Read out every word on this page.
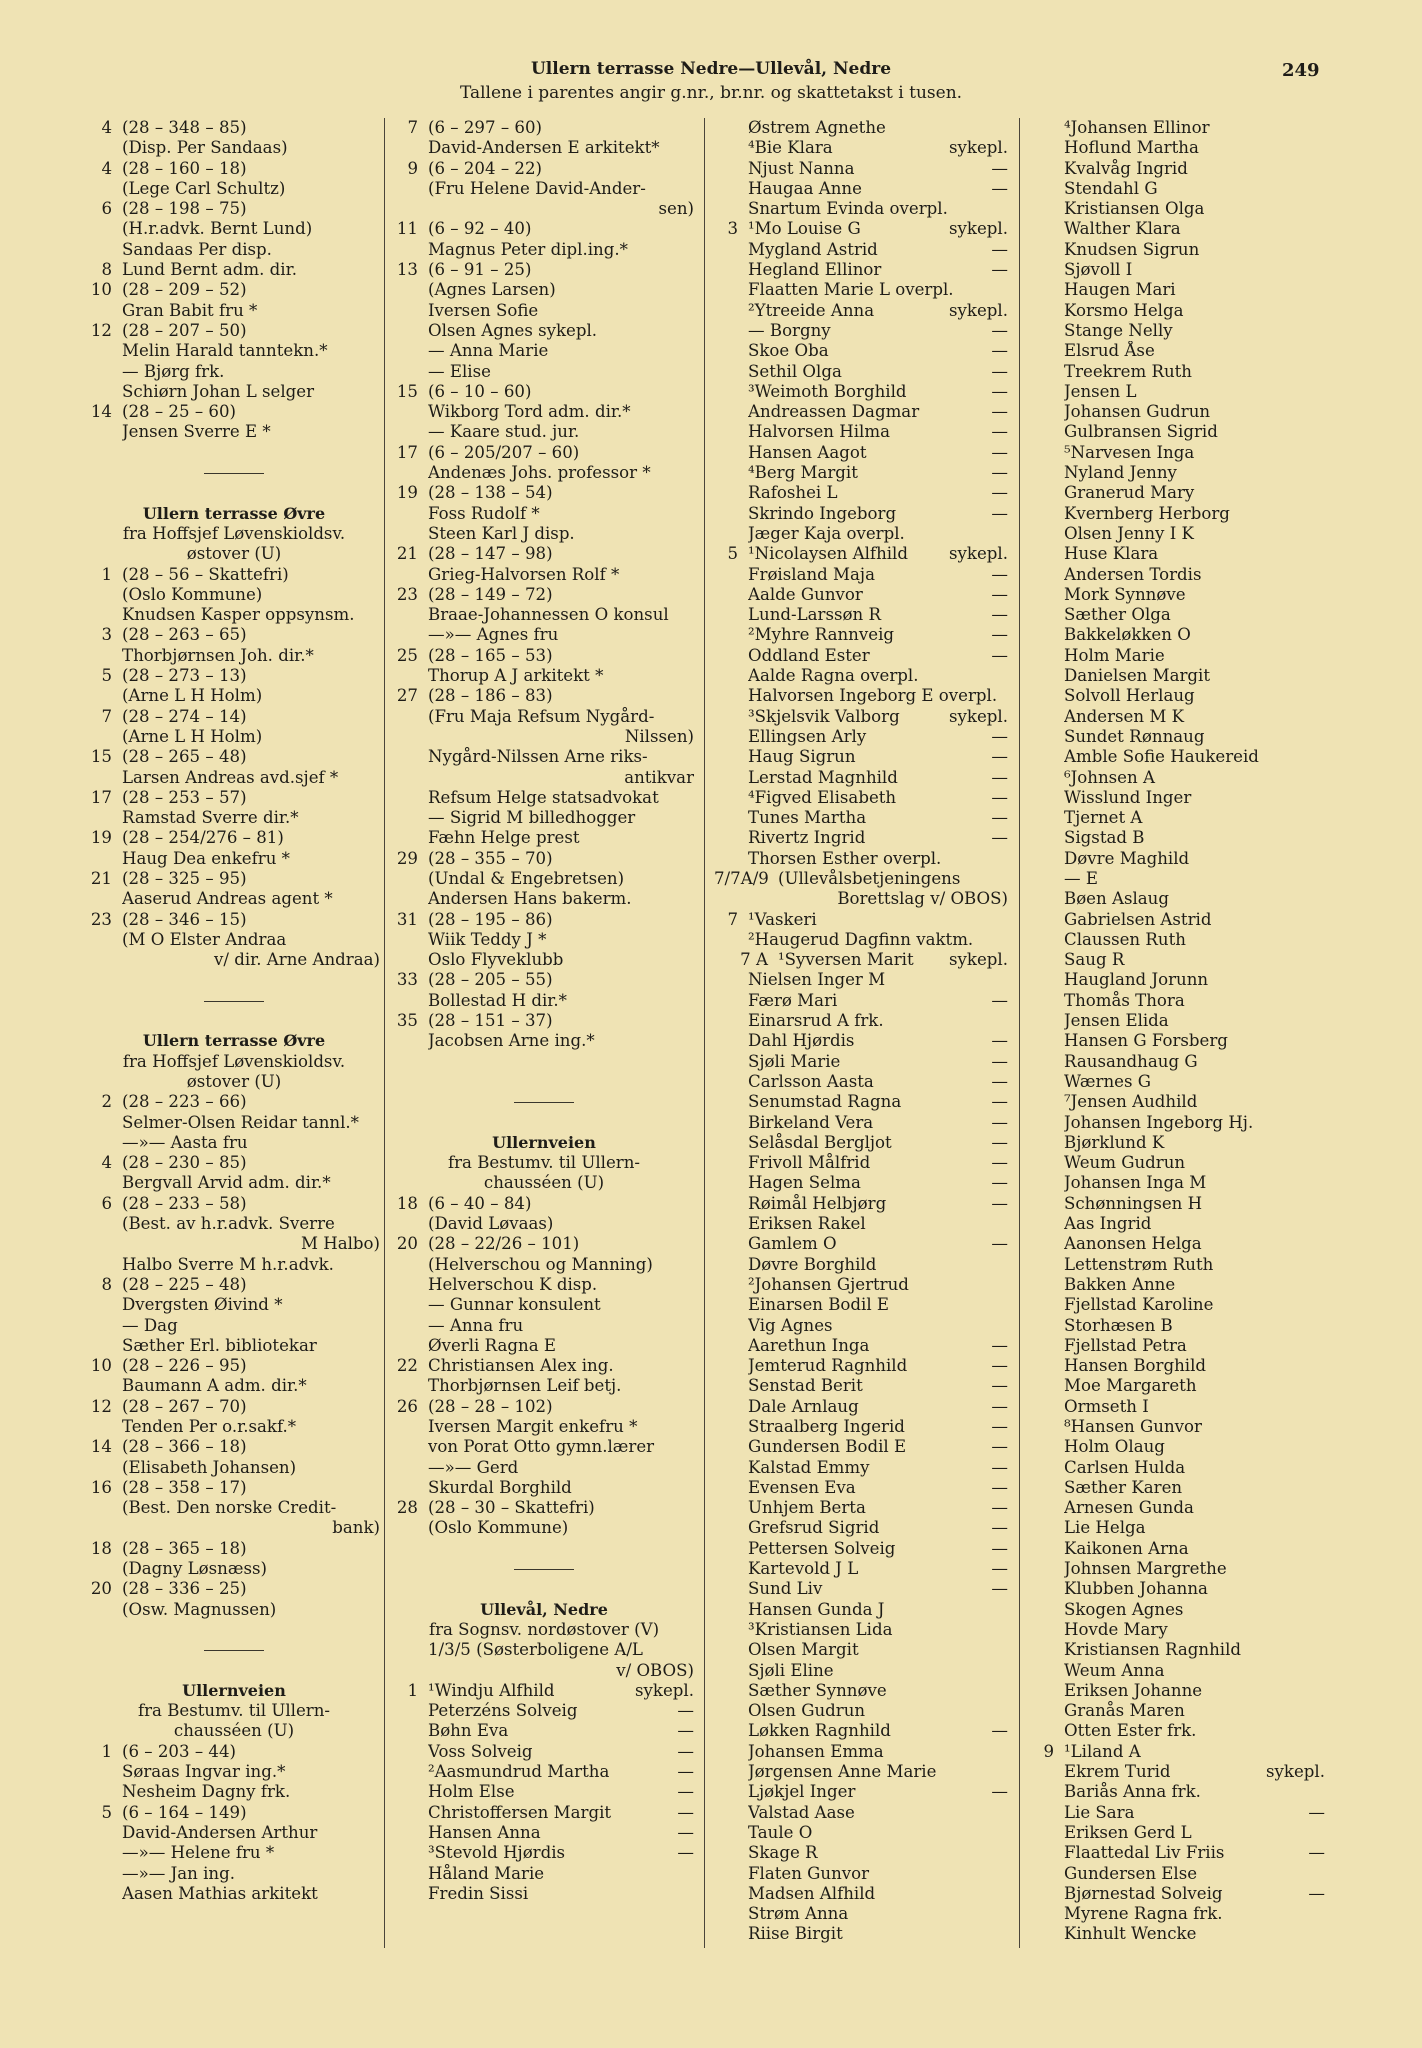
Ullern terrasse Nedre—Ullevål, Nedre
Tallene i parentes angir g.nr., br.nr. og skattetakst i tusen.
249
4 (28 – 348 – 85)
(Disp. Per Sandaas)
4 (28 – 160 – 18)
(Lege Carl Schultz)
6 (28 – 198 – 75)
(H.r.advk. Bernt Lund)
Sandaas Per disp.
8 Lund Bernt adm. dir.
10 (28 – 209 – 52)
Gran Babit fru *
12 (28 – 207 – 50)
Melin Harald tanntekn.*
— Bjørg frk.
Schiørn Johan L selger
14 (28 – 25 – 60)
Jensen Sverre E *
Ullern terrasse Øvre
fra Hoffsjef Løvenskioldsv.
østover (U)
1 (28 – 56 – Skattefri)
(Oslo Kommune)
Knudsen Kasper oppsynsm.
3 (28 – 263 – 65)
Thorbjørnsen Joh. dir.*
5 (28 – 273 – 13)
(Arne L H Holm)
7 (28 – 274 – 14)
(Arne L H Holm)
15 (28 – 265 – 48)
Larsen Andreas avd.sjef *
17 (28 – 253 – 57)
Ramstad Sverre dir.*
19 (28 – 254/276 – 81)
Haug Dea enkefru *
21 (28 – 325 – 95)
Aaserud Andreas agent *
23 (28 – 346 – 15)
(M O Elster Andraa
v/ dir. Arne Andraa)
Ullern terrasse Øvre
fra Hoffsjef Løvenskioldsv.
østover (U)
2 (28 – 223 – 66)
Selmer-Olsen Reidar tannl.*
—»— Aasta fru
4 (28 – 230 – 85)
Bergvall Arvid adm. dir.*
6 (28 – 233 – 58)
(Best. av h.r.advk. Sverre
M Halbo)
Halbo Sverre M h.r.advk.
8 (28 – 225 – 48)
Dvergsten Øivind *
— Dag
Sæther Erl. bibliotekar
10 (28 – 226 – 95)
Baumann A adm. dir.*
12 (28 – 267 – 70)
Tenden Per o.r.sakf.*
14 (28 – 366 – 18)
(Elisabeth Johansen)
16 (28 – 358 – 17)
(Best. Den norske Credit-
bank)
18 (28 – 365 – 18)
(Dagny Løsnæss)
20 (28 – 336 – 25)
(Osw. Magnussen)
Ullernveien
fra Bestumv. til Ullern-
chausséen (U)
1 (6 – 203 – 44)
Søraas Ingvar ing.*
Nesheim Dagny frk.
5 (6 – 164 – 149)
David-Andersen Arthur
—»— Helene fru *
—»— Jan ing.
Aasen Mathias arkitekt
7 (6 – 297 – 60)
David-Andersen E arkitekt*
9 (6 – 204 – 22)
(Fru Helene David-Ander-
sen)
11 (6 – 92 – 40)
Magnus Peter dipl.ing.*
13 (6 – 91 – 25)
(Agnes Larsen)
Iversen Sofie
Olsen Agnes sykepl.
— Anna Marie
— Elise
15 (6 – 10 – 60)
Wikborg Tord adm. dir.*
— Kaare stud. jur.
17 (6 – 205/207 – 60)
Andenæs Johs. professor *
19 (28 – 138 – 54)
Foss Rudolf *
Steen Karl J disp.
21 (28 – 147 – 98)
Grieg-Halvorsen Rolf *
23 (28 – 149 – 72)
Braae-Johannessen O konsul
—»— Agnes fru
25 (28 – 165 – 53)
Thorup A J arkitekt *
27 (28 – 186 – 83)
(Fru Maja Refsum Nygård-
Nilssen)
Nygård-Nilssen Arne riks-
antikvar
Refsum Helge statsadvokat
— Sigrid M billedhogger
Fæhn Helge prest
29 (28 – 355 – 70)
(Undal & Engebretsen)
Andersen Hans bakerm.
31 (28 – 195 – 86)
Wiik Teddy J *
Oslo Flyveklubb
33 (28 – 205 – 55)
Bollestad H dir.*
35 (28 – 151 – 37)
Jacobsen Arne ing.*
Ullernveien
fra Bestumv. til Ullern-
chausséen (U)
18 (6 – 40 – 84)
(David Løvaas)
20 (28 – 22/26 – 101)
(Helverschou og Manning)
Helverschou K disp.
— Gunnar konsulent
— Anna fru
Øverli Ragna E
22 Christiansen Alex ing.
Thorbjørnsen Leif betj.
26 (28 – 28 – 102)
Iversen Margit enkefru *
von Porat Otto gymn.lærer
—»— Gerd
Skurdal Borghild
28 (28 – 30 – Skattefri)
(Oslo Kommune)
Ullevål, Nedre
fra Sognsv. nordøstover (V)
1/3/5 (Søsterboligene A/L
v/ OBOS)
1 ¹Windju Alfhild	sykepl.
Peterzéns Solveig	—
Bøhn Eva	—
Voss Solveig	—
²Aasmundrud Martha	—
Holm Else	—
Christoffersen Margit	—
Hansen Anna	—
³Stevold Hjørdis	—
Håland Marie
Fredin Sissi
Østrem Agnethe
⁴Bie Klara	sykepl.
Njust Nanna	—
Haugaa Anne	—
Snartum Evinda overpl.
3 ¹Mo Louise G	sykepl.
Mygland Astrid	—
Hegland Ellinor	—
Flaatten Marie L overpl.
²Ytreeide Anna	sykepl.
— Borgny	—
Skoe Oba	—
Sethil Olga	—
³Weimoth Borghild	—
Andreassen Dagmar	—
Halvorsen Hilma	—
Hansen Aagot	—
⁴Berg Margit	—
Rafoshei L	—
Skrindo Ingeborg	—
Jæger Kaja overpl.
5 ¹Nicolaysen Alfhild	sykepl.
Frøisland Maja	—
Aalde Gunvor	—
Lund-Larssøn R	—
²Myhre Rannveig	—
Oddland Ester	—
Aalde Ragna overpl.
Halvorsen Ingeborg E overpl.
³Skjelsvik Valborg	sykepl.
Ellingsen Arly	—
Haug Sigrun	—
Lerstad Magnhild	—
⁴Figved Elisabeth	—
Tunes Martha	—
Rivertz Ingrid	—
Thorsen Esther overpl.
7/7A/9 (Ullevålsbetjeningens
Borettslag v/ OBOS)
7 ¹Vaskeri
²Haugerud Dagfinn vaktm.
7 A ¹Syversen Marit	sykepl.
Nielsen Inger M
Færø Mari	—
Einarsrud A frk.
Dahl Hjørdis	—
Sjøli Marie	—
Carlsson Aasta	—
Senumstad Ragna	—
Birkeland Vera	—
Selåsdal Bergljot	—
Frivoll Målfrid	—
Hagen Selma	—
Røimål Helbjørg	—
Eriksen Rakel
Gamlem O	—
Døvre Borghild
²Johansen Gjertrud
Einarsen Bodil E
Vig Agnes
Aarethun Inga	—
Jemterud Ragnhild	—
Senstad Berit	—
Dale Arnlaug	—
Straalberg Ingerid	—
Gundersen Bodil E	—
Kalstad Emmy	—
Evensen Eva	—
Unhjem Berta	—
Grefsrud Sigrid	—
Pettersen Solveig	—
Kartevold J L	—
Sund Liv	—
Hansen Gunda J
³Kristiansen Lida
Olsen Margit
Sjøli Eline
Sæther Synnøve
Olsen Gudrun
Løkken Ragnhild	—
Johansen Emma
Jørgensen Anne Marie
Ljøkjel Inger	—
Valstad Aase
Taule O
Skage R
Flaten Gunvor
Madsen Alfhild
Strøm Anna
Riise Birgit
⁴Johansen Ellinor
Hoflund Martha
Kvalvåg Ingrid
Stendahl G
Kristiansen Olga
Walther Klara
Knudsen Sigrun
Sjøvoll I
Haugen Mari
Korsmo Helga
Stange Nelly
Elsrud Åse
Treekrem Ruth
Jensen L
Johansen Gudrun
Gulbransen Sigrid
⁵Narvesen Inga
Nyland Jenny
Granerud Mary
Kvernberg Herborg
Olsen Jenny I K
Huse Klara
Andersen Tordis
Mork Synnøve
Sæther Olga
Bakkeløkken O
Holm Marie
Danielsen Margit
Solvoll Herlaug
Andersen M K
Sundet Rønnaug
Amble Sofie Haukereid
⁶Johnsen A
Wisslund Inger
Tjernet A
Sigstad B
Døvre Maghild
— E
Bøen Aslaug
Gabrielsen Astrid
Claussen Ruth
Saug R
Haugland Jorunn
Thomås Thora
Jensen Elida
Hansen G Forsberg
Rausandhaug G
Wærnes G
⁷Jensen Audhild
Johansen Ingeborg Hj.
Bjørklund K
Weum Gudrun
Johansen Inga M
Schønningsen H
Aas Ingrid
Aanonsen Helga
Lettenstrøm Ruth
Bakken Anne
Fjellstad Karoline
Storhæsen B
Fjellstad Petra
Hansen Borghild
Moe Margareth
Ormseth I
⁸Hansen Gunvor
Holm Olaug
Carlsen Hulda
Sæther Karen
Arnesen Gunda
Lie Helga
Kaikonen Arna
Johnsen Margrethe
Klubben Johanna
Skogen Agnes
Hovde Mary
Kristiansen Ragnhild
Weum Anna
Eriksen Johanne
Granås Maren
Otten Ester frk.
9 ¹Liland A
Ekrem Turid	sykepl.
Bariås Anna frk.
Lie Sara	—
Eriksen Gerd L
Flaattedal Liv Friis	—
Gundersen Else
Bjørnestad Solveig	—
Myrene Ragna frk.
Kinhult Wencke
